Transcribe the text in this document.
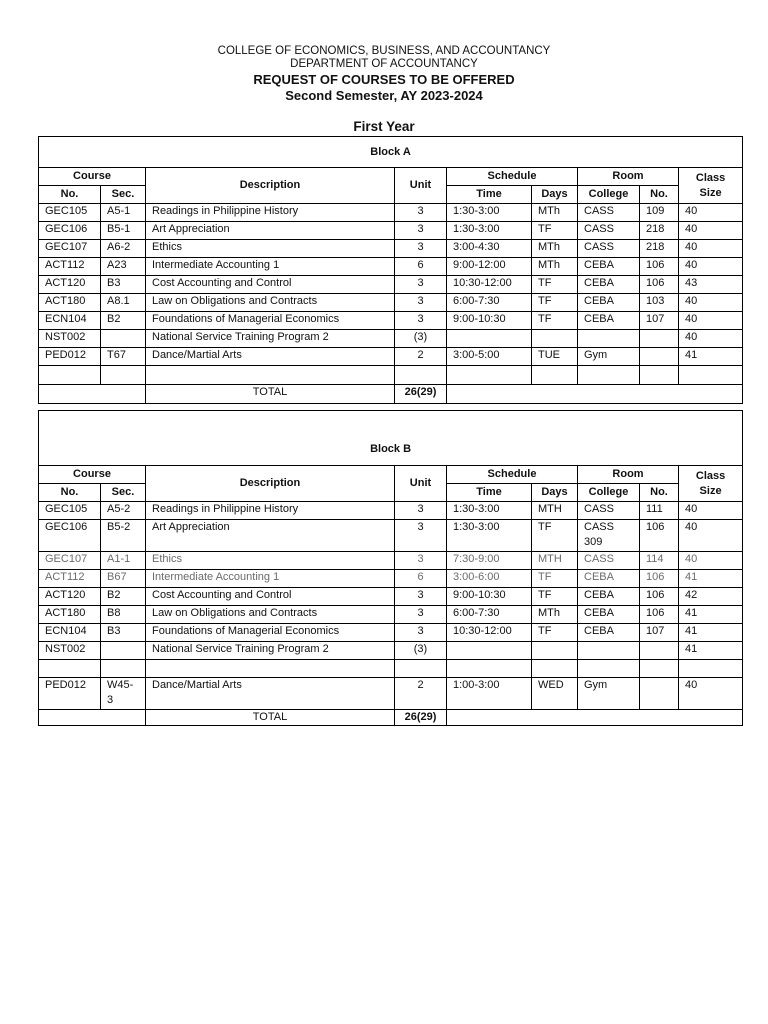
COLLEGE OF ECONOMICS, BUSINESS, AND ACCOUNTANCY
DEPARTMENT OF ACCOUNTANCY
REQUEST OF COURSES TO BE OFFERED
Second Semester, AY 2023-2024
First Year
Block A								
Course		Description	Unit	Schedule		Room		Class Size
No.	Sec.			Time	Days	College	No.	
GEC105	A5-1	Readings in Philippine History	3	1:30-3:00	MTh	CASS	109	40
GEC106	B5-1	Art Appreciation	3	1:30-3:00	TF	CASS	218	40
GEC107	A6-2	Ethics	3	3:00-4:30	MTh	CASS	218	40
ACT112	A23	Intermediate Accounting 1	6	9:00-12:00	MTh	CEBA	106	40
ACT120	B3	Cost Accounting and Control	3	10:30-12:00	TF	CEBA	106	43
ACT180	A8.1	Law on Obligations and Contracts	3	6:00-7:30	TF	CEBA	103	40
ECN104	B2	Foundations of Managerial Economics	3	9:00-10:30	TF	CEBA	107	40
NST002		National Service Training Program 2	(3)					40
PED012	T67	Dance/Martial Arts	2	3:00-5:00	TUE	Gym		41

		TOTAL	26(29)					
Block B								
Course		Description	Unit	Schedule		Room		Class Size
No.	Sec.			Time	Days	College	No.	
GEC105	A5-2	Readings in Philippine History	3	1:30-3:00	MTH	CASS	111	40
GEC106	B5-2	Art Appreciation	3	1:30-3:00	TF	CASS 309	106	40
GEC107	A1-1	Ethics	3	7:30-9:00	MTH	CASS	114	40
ACT112	B67	Intermediate Accounting 1	6	3:00-6:00	TF	CEBA	106	41
ACT120	B2	Cost Accounting and Control	3	9:00-10:30	TF	CEBA	106	42
ACT180	B8	Law on Obligations and Contracts	3	6:00-7:30	MTh	CEBA	106	41
ECN104	B3	Foundations of Managerial Economics	3	10:30-12:00	TF	CEBA	107	41
NST002		National Service Training Program 2	(3)					41

PED012	W45-3	Dance/Martial Arts	2	1:00-3:00	WED	Gym		40
		TOTAL	26(29)					
